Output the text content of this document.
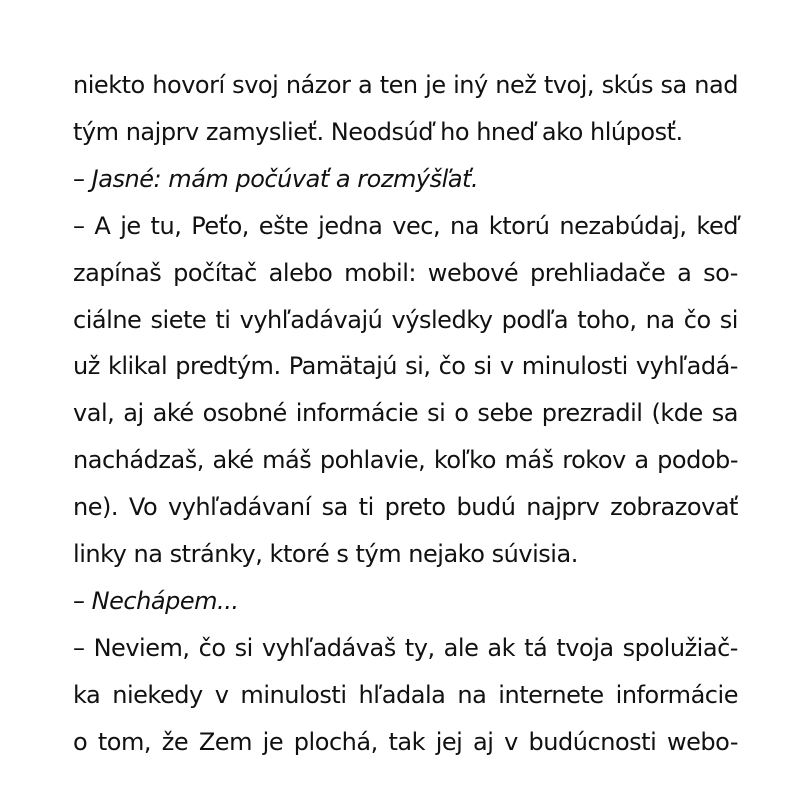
niekto hovorí svoj názor a ten je iný než tvoj, skús sa nad
tým najprv zamyslieť. Neodsúď ho hneď ako hlúposť.
– Jasné: mám počúvať a rozmýšľať.
– A je tu, Peťo, ešte jedna vec, na ktorú nezabúdaj, keď
zapínaš počítač alebo mobil: webové prehliadače a so-
ciálne siete ti vyhľadávajú výsledky podľa toho, na čo si
už klikal predtým. Pamätajú si, čo si v minulosti vyhľadá-
val, aj aké osobné informácie si o sebe prezradil (kde sa
nachádzaš, aké máš pohlavie, koľko máš rokov a podob-
ne). Vo vyhľadávaní sa ti preto budú najprv zobrazovať
linky na stránky, ktoré s tým nejako súvisia.
– Nechápem...
– Neviem, čo si vyhľadávaš ty, ale ak tá tvoja spolužiač-
ka niekedy v minulosti hľadala na internete informácie
o tom, že Zem je plochá, tak jej aj v budúcnosti webo-
